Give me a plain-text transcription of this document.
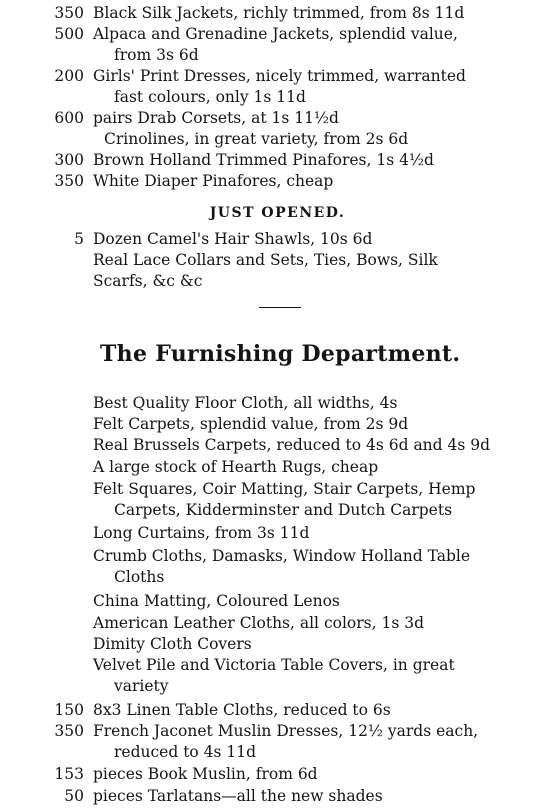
350 Black Silk Jackets, richly trimmed, from 8s 11d
500 Alpaca and Grenadine Jackets, splendid value,
from 3s 6d
200 Girls' Print Dresses, nicely trimmed, warranted
fast colours, only 1s 11d
600 pairs Drab Corsets, at 1s 11½d
Crinolines, in great variety, from 2s 6d
300 Brown Holland Trimmed Pinafores, 1s 4½d
350 White Diaper Pinafores, cheap
JUST OPENED.
5 Dozen Camel's Hair Shawls, 10s 6d
Real Lace Collars and Sets, Ties, Bows, Silk
Scarfs, &c &c
The Furnishing Department.
Best Quality Floor Cloth, all widths, 4s
Felt Carpets, splendid value, from 2s 9d
Real Brussels Carpets, reduced to 4s 6d and 4s 9d
A large stock of Hearth Rugs, cheap
Felt Squares, Coir Matting, Stair Carpets, Hemp
Carpets, Kidderminster and Dutch Carpets
Long Curtains, from 3s 11d
Crumb Cloths, Damasks, Window Holland Table
Cloths
China Matting, Coloured Lenos
American Leather Cloths, all colors, 1s 3d
Dimity Cloth Covers
Velvet Pile and Victoria Table Covers, in great
variety
150 8x3 Linen Table Cloths, reduced to 6s
350 French Jaconet Muslin Dresses, 12½ yards each,
reduced to 4s 11d
153 pieces Book Muslin, from 6d
50 pieces Tarlatans—all the new shades
